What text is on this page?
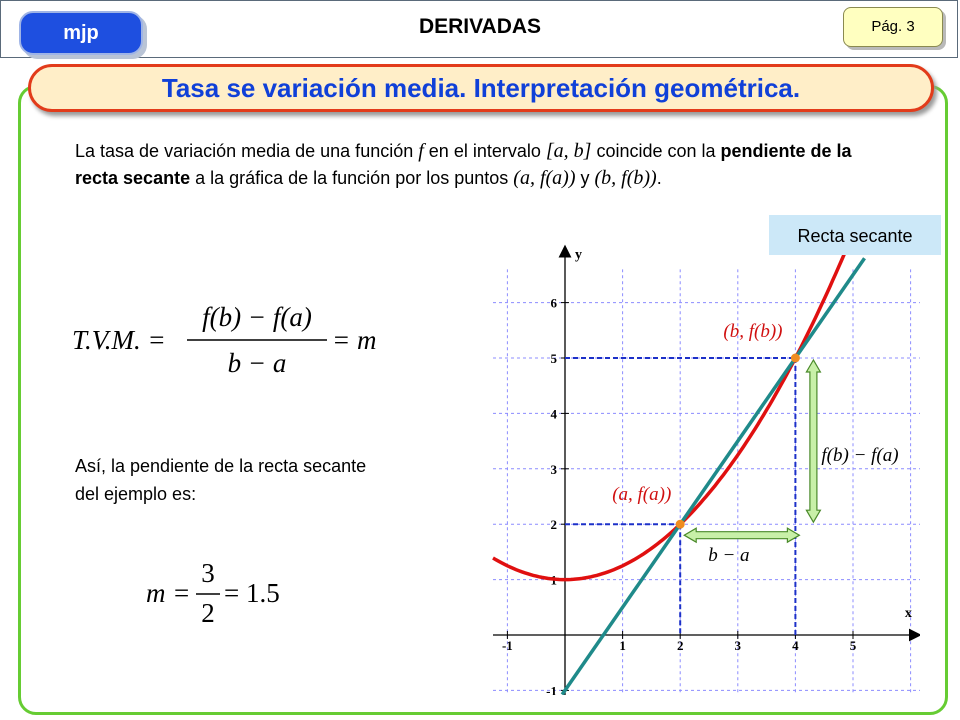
mjp	DERIVADAS	Pág. 3
Tasa se variación media. Interpretación geométrica.
La tasa de variación media de una función f en el intervalo [a, b] coincide con la pendiente de la recta secante a la gráfica de la función por los puntos (a, f(a)) y (b, f(b)).
T.V.M. =
f(b) − f(a)
b − a
= m
Así, la pendiente de la recta secante del ejemplo es:
m =
3
2
= 1.5
x
y
-1	1	2	3	4	5
6
5
4
3
2
1
-1
(a, f(a))
(b, f(b))
b − a
f(b) − f(a)
Recta secante
